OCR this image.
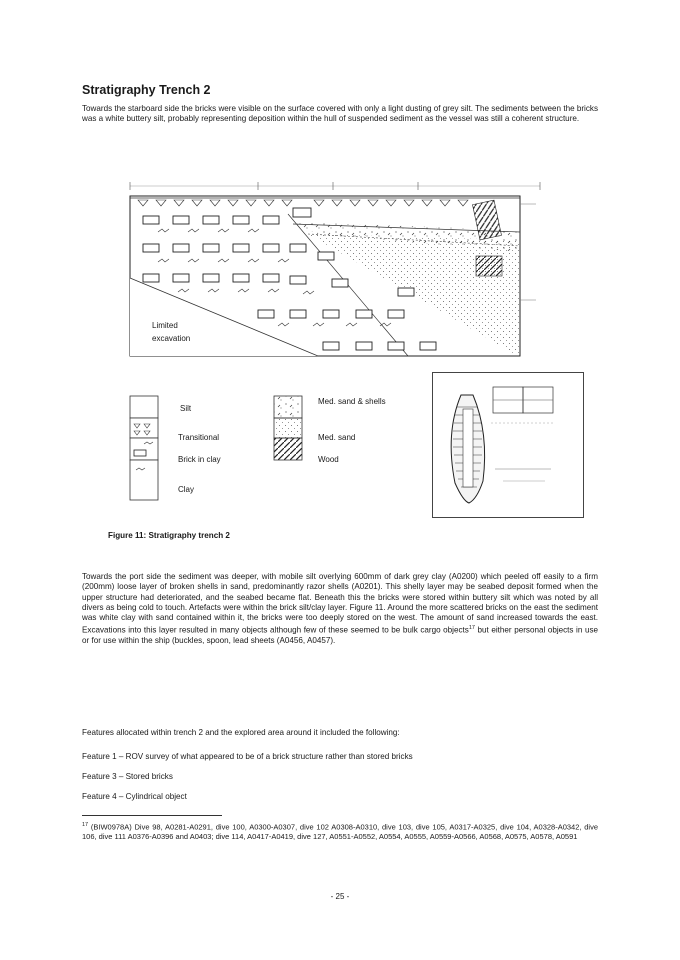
Stratigraphy Trench 2
Towards the starboard side the bricks were visible on the surface covered with only a light dusting of grey silt. The sediments between the bricks was a white buttery silt, probably representing deposition within the hull of suspended sediment as the vessel was still a coherent structure.
Limited
excavation
Silt
Transitional
Brick in clay
Clay
Med. sand & shells
Med. sand
Wood
Figure 11: Stratigraphy trench 2
Towards the port side the sediment was deeper, with mobile silt overlying 600mm of dark grey clay (A0200) which peeled off easily to a firm (200mm) loose layer of broken shells in sand, predominantly razor shells (A0201). This shelly layer may be seabed deposit formed when the upper structure had deteriorated, and the seabed became flat. Beneath this the bricks were stored within buttery silt which was noted by all divers as being cold to touch. Artefacts were within the brick silt/clay layer. Figure 11. Around the more scattered bricks on the east the sediment was white clay with sand contained within it, the bricks were too deeply stored on the west. The amount of sand increased towards the east. Excavations into this layer resulted in many objects although few of these seemed to be bulk cargo objects$^{17}$ but either personal objects in use or for use within the ship (buckles, spoon, lead sheets (A0456, A0457).
Features allocated within trench 2 and the explored area around it included the following:
Feature 1 – ROV survey of what appeared to be of a brick structure rather than stored bricks
Feature 3 – Stored bricks
Feature 4 – Cylindrical object
$^{17}$ (BIW0978A) Dive 98, A0281-A0291, dive 100, A0300-A0307, dive 102 A0308-A0310, dive 103, dive 105, A0317-A0325, dive 104, A0328-A0342, dive 106, dive 111 A0376-A0396 and A0403; dive 114, A0417-A0419, dive 127, A0551-A0552, A0554, A0555, A0559-A0566, A0568, A0575, A0578, A0591
- 25 -
